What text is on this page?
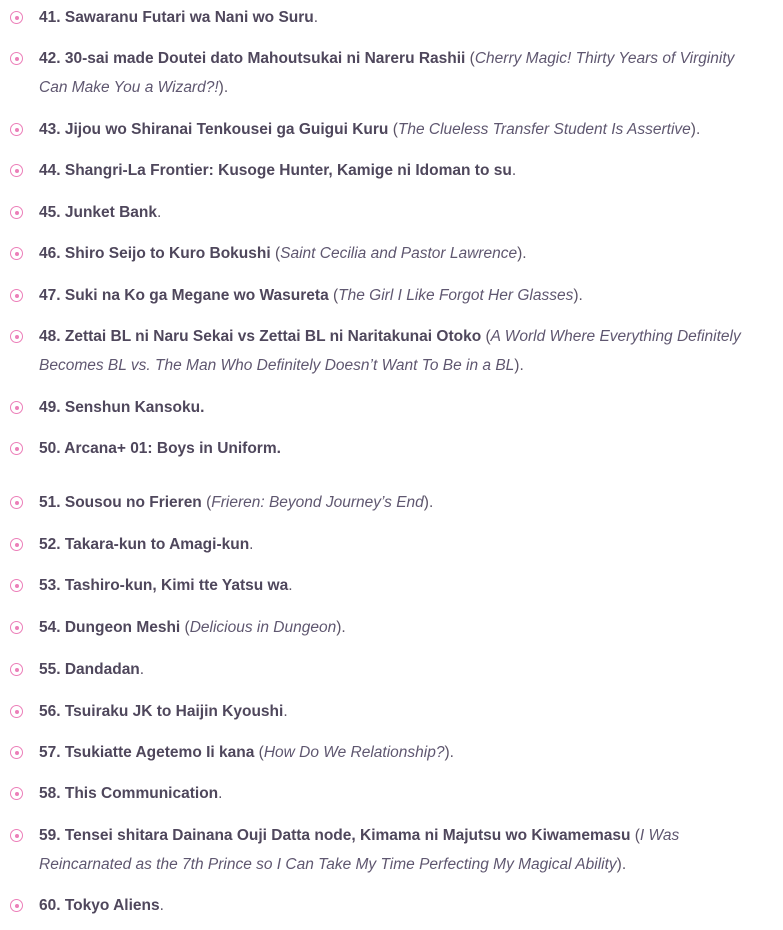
41. Sawaranu Futari wa Nani wo Suru.
42. 30-sai made Doutei dato Mahoutsukai ni Nareru Rashii (Cherry Magic! Thirty Years of Virginity Can Make You a Wizard?!).
43. Jijou wo Shiranai Tenkousei ga Guigui Kuru (The Clueless Transfer Student Is Assertive).
44. Shangri-La Frontier: Kusoge Hunter, Kamige ni Idoman to su.
45. Junket Bank.
46. Shiro Seijo to Kuro Bokushi (Saint Cecilia and Pastor Lawrence).
47. Suki na Ko ga Megane wo Wasureta (The Girl I Like Forgot Her Glasses).
48. Zettai BL ni Naru Sekai vs Zettai BL ni Naritakunai Otoko (A World Where Everything Definitely Becomes BL vs. The Man Who Definitely Doesn’t Want To Be in a BL).
49. Senshun Kansoku.
50. Arcana+ 01: Boys in Uniform.
51. Sousou no Frieren (Frieren: Beyond Journey’s End).
52. Takara-kun to Amagi-kun.
53. Tashiro-kun, Kimi tte Yatsu wa.
54. Dungeon Meshi (Delicious in Dungeon).
55. Dandadan.
56. Tsuiraku JK to Haijin Kyoushi.
57. Tsukiatte Agetemo Ii kana (How Do We Relationship?).
58. This Communication.
59. Tensei shitara Dainana Ouji Datta node, Kimama ni Majutsu wo Kiwamemasu (I Was Reincarnated as the 7th Prince so I Can Take My Time Perfecting My Magical Ability).
60. Tokyo Aliens.
